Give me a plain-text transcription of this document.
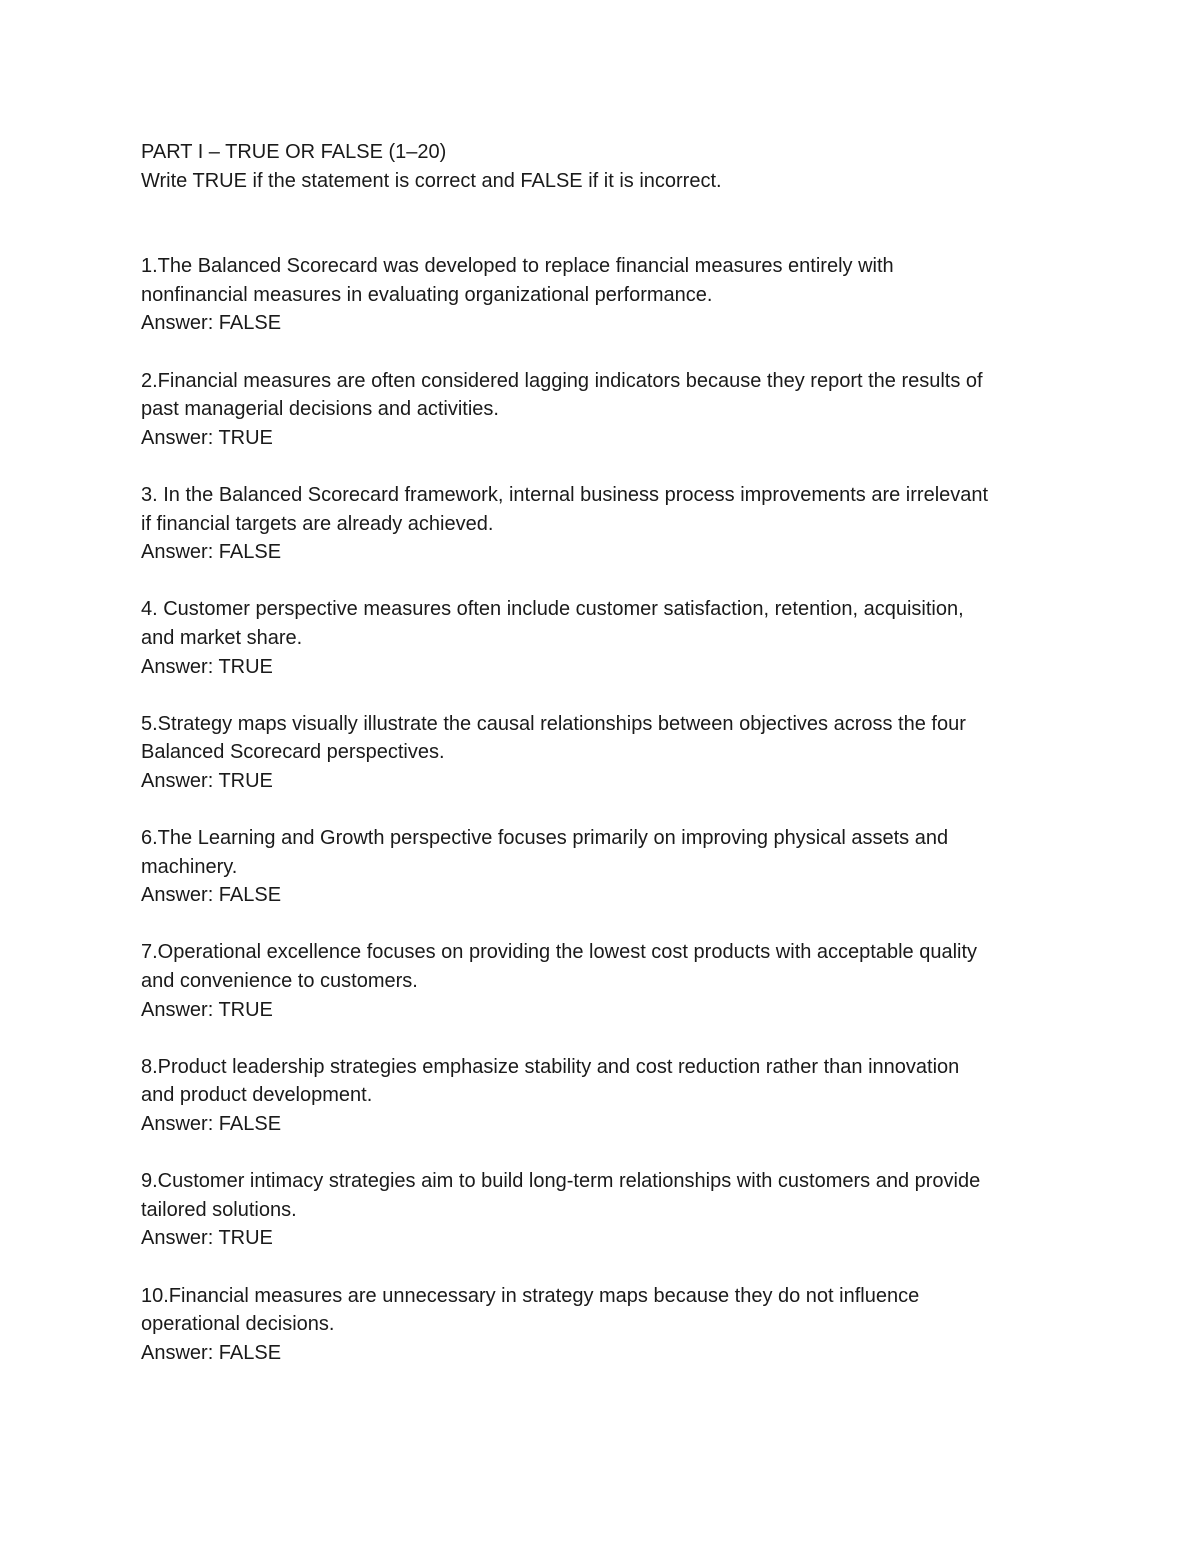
PART I – TRUE OR FALSE (1–20)

Write TRUE if the statement is correct and FALSE if it is incorrect.

1.The Balanced Scorecard was developed to replace financial measures entirely with

nonfinancial measures in evaluating organizational performance.

Answer: FALSE

2.Financial measures are often considered lagging indicators because they report the results of

past managerial decisions and activities.

Answer: TRUE

3. In the Balanced Scorecard framework, internal business process improvements are irrelevant

if financial targets are already achieved.

Answer: FALSE

4. Customer perspective measures often include customer satisfaction, retention, acquisition,

and market share.

Answer: TRUE

5.Strategy maps visually illustrate the causal relationships between objectives across the four

Balanced Scorecard perspectives.

Answer: TRUE

6.The Learning and Growth perspective focuses primarily on improving physical assets and

machinery.

Answer: FALSE

7.Operational excellence focuses on providing the lowest cost products with acceptable quality

and convenience to customers.

Answer: TRUE

8.Product leadership strategies emphasize stability and cost reduction rather than innovation

and product development.

Answer: FALSE

9.Customer intimacy strategies aim to build long-term relationships with customers and provide

tailored solutions.

Answer: TRUE

10.Financial measures are unnecessary in strategy maps because they do not influence

operational decisions.

Answer: FALSE
